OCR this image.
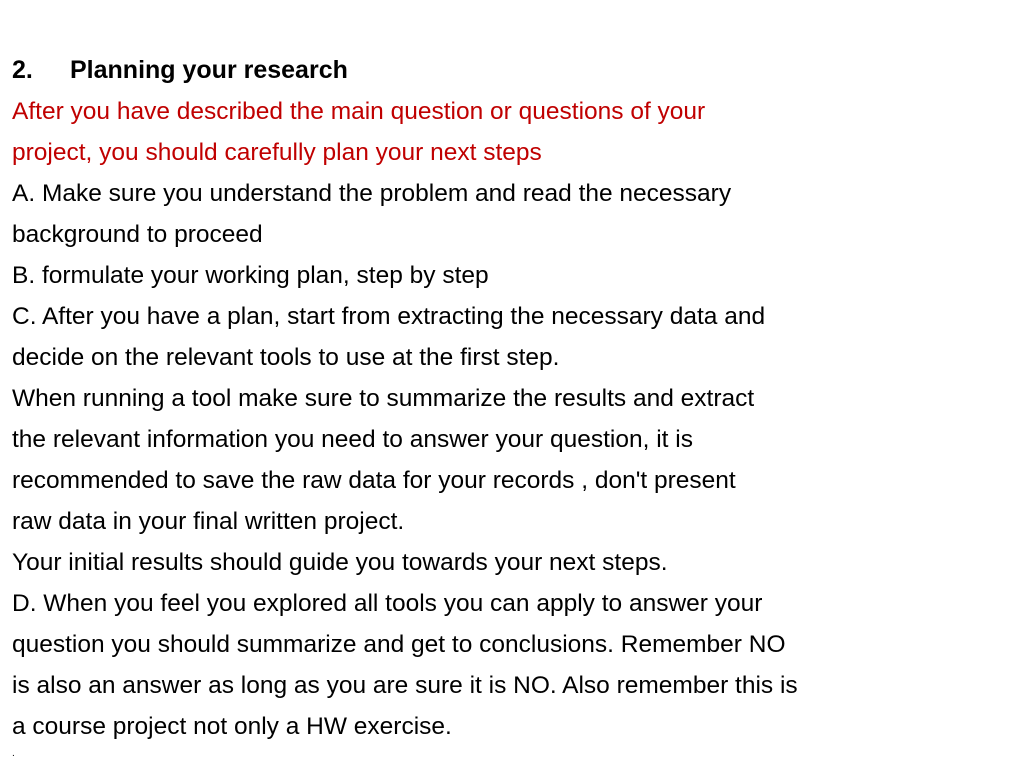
2. Planning your research
After you have described the main question or questions of your
project, you should carefully plan your next steps
A. Make sure you understand the problem and read the necessary
background to proceed
B. formulate your working plan, step by step
C. After you have a plan, start from extracting the necessary data and
decide on the relevant tools to use at the first step.
When running a tool make sure to summarize the results and extract
the relevant information you need to answer your question, it is
recommended to save the raw data for your records , don't present
raw data in your final written project.
Your initial results should guide you towards your next steps.
D. When you feel you explored all tools you can apply to answer your
question you should summarize and get to conclusions. Remember NO
is also an answer as long as you are sure it is NO. Also remember this is
a course project not only a HW exercise.
.
